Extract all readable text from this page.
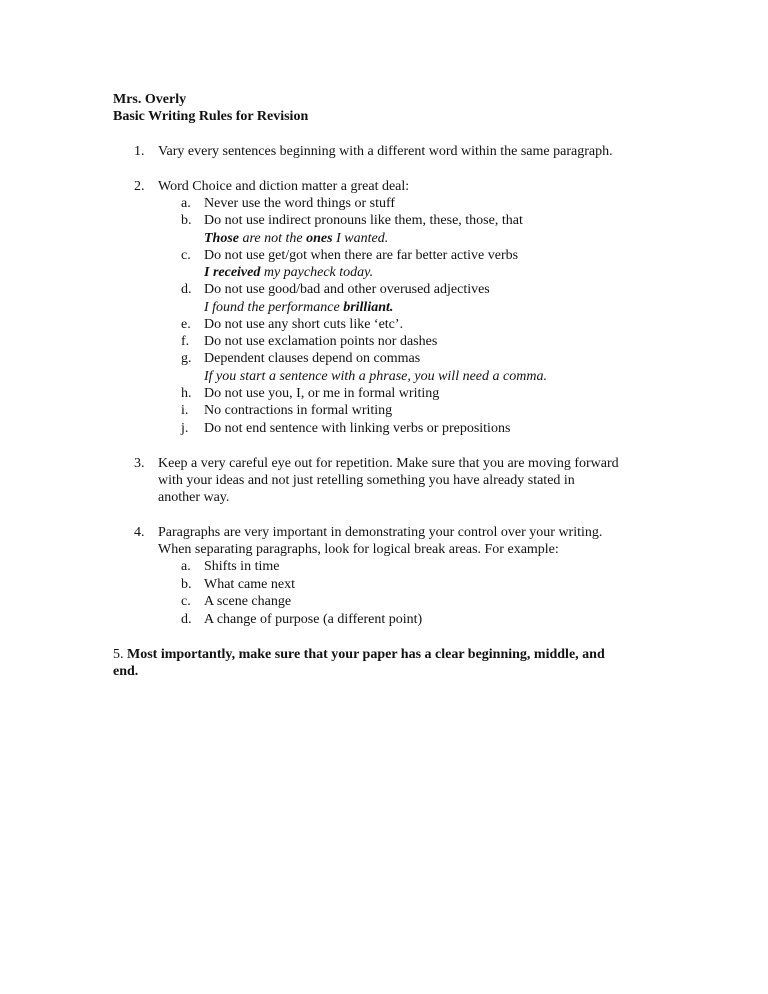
Mrs. Overly
Basic Writing Rules for Revision
1. Vary every sentences beginning with a different word within the same paragraph.
2. Word Choice and diction matter a great deal:
a. Never use the word things or stuff
b. Do not use indirect pronouns like them, these, those, that
Those are not the ones I wanted.
c. Do not use get/got when there are far better active verbs
I received my paycheck today.
d. Do not use good/bad and other overused adjectives
I found the performance brilliant.
e. Do not use any short cuts like ‘etc’.
f. Do not use exclamation points nor dashes
g. Dependent clauses depend on commas
If you start a sentence with a phrase, you will need a comma.
h. Do not use you, I, or me in formal writing
i. No contractions in formal writing
j. Do not end sentence with linking verbs or prepositions
3. Keep a very careful eye out for repetition. Make sure that you are moving forward
with your ideas and not just retelling something you have already stated in
another way.
4. Paragraphs are very important in demonstrating your control over your writing.
When separating paragraphs, look for logical break areas. For example:
a. Shifts in time
b. What came next
c. A scene change
d. A change of purpose (a different point)
5. Most importantly, make sure that your paper has a clear beginning, middle, and
end.
